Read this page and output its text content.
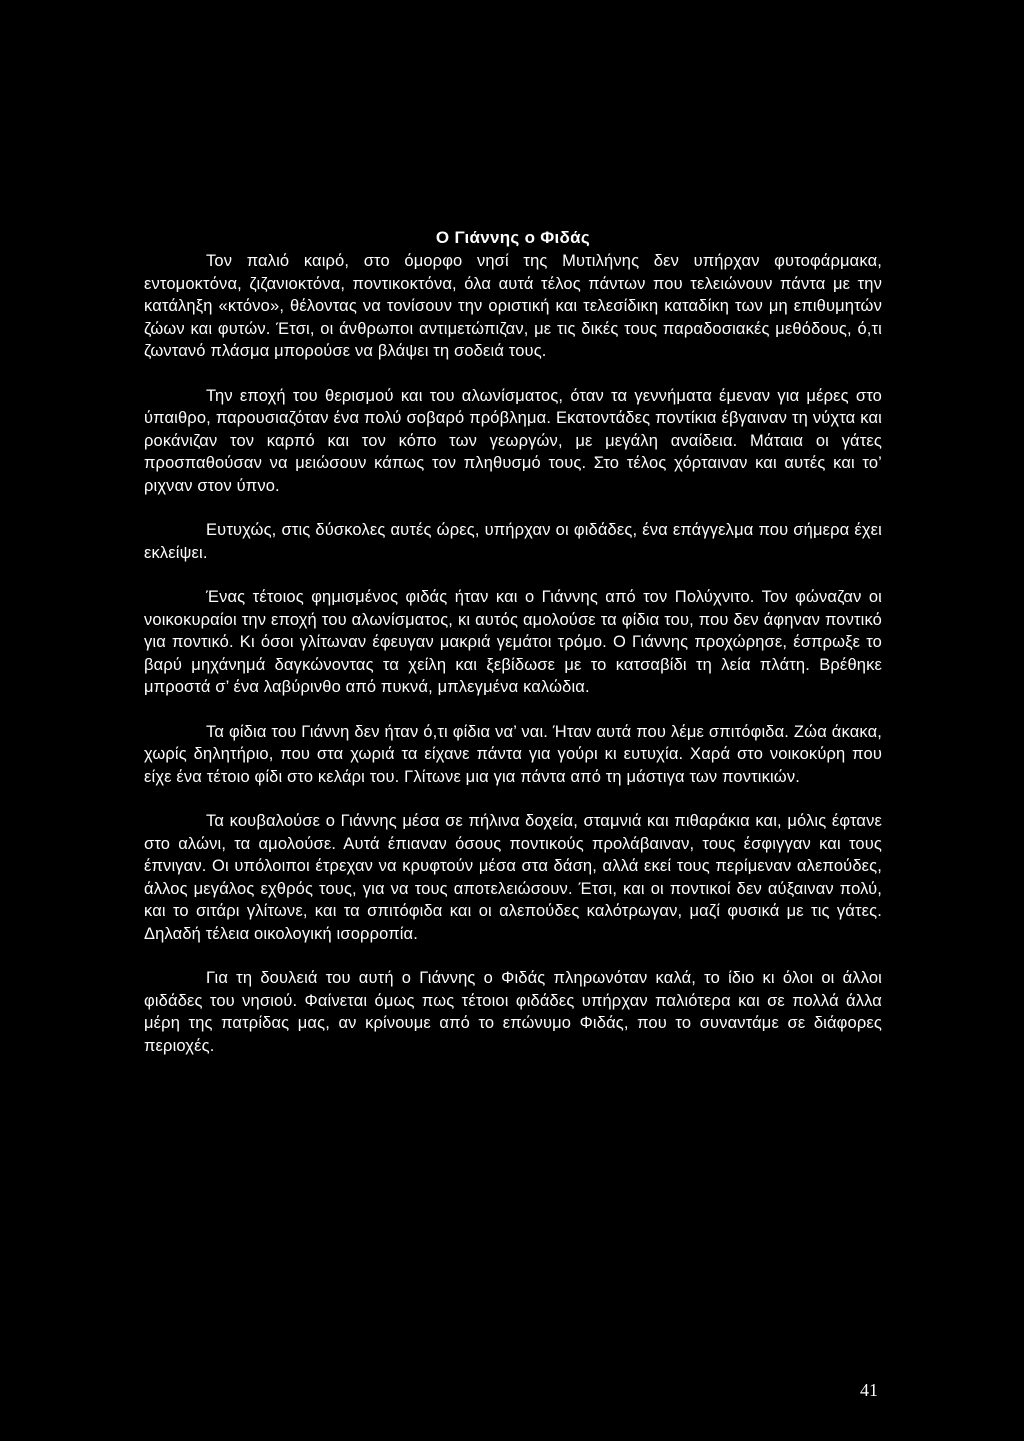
Ο Γιάννης ο Φιδάς

Τον παλιό καιρό, στο όμορφο νησί της Μυτιλήνης δεν υπήρχαν φυτοφάρμακα, εντομοκτόνα, ζιζανιοκτόνα, ποντικοκτόνα, όλα αυτά τέλος πάντων που τελειώνουν πάντα με την κατάληξη «κτόνο», θέλοντας να τονίσουν την οριστική και τελεσίδικη καταδίκη των μη επιθυμητών ζώων και φυτών. Έτσι, οι άνθρωποι αντιμετώπιζαν, με τις δικές τους παραδοσιακές μεθόδους, ό,τι ζωντανό πλάσμα μπορούσε να βλάψει τη σοδειά τους.

Την εποχή του θερισμού και του αλωνίσματος, όταν τα γεννήματα έμεναν για μέρες στο ύπαιθρο, παρουσιαζόταν ένα πολύ σοβαρό πρόβλημα. Εκατοντάδες ποντίκια έβγαιναν τη νύχτα και ροκάνιζαν τον καρπό και τον κόπο των γεωργών, με μεγάλη αναίδεια. Μάταια οι γάτες προσπαθούσαν να μειώσουν κάπως τον πληθυσμό τους. Στο τέλος χόρταιναν και αυτές και το’ ριχναν στον ύπνο.

Ευτυχώς, στις δύσκολες αυτές ώρες, υπήρχαν οι φιδάδες, ένα επάγγελμα που σήμερα έχει εκλείψει.

Ένας τέτοιος φημισμένος φιδάς ήταν και ο Γιάννης από τον Πολύχνιτο. Τον φώναζαν οι νοικοκυραίοι την εποχή του αλωνίσματος, κι αυτός αμολούσε τα φίδια του, που δεν άφηναν ποντικό για ποντικό. Κι όσοι γλίτωναν έφευγαν μακριά γεμάτοι τρόμο. Ο Γιάννης προχώρησε, έσπρωξε το βαρύ μηχάνημά δαγκώνοντας τα χείλη και ξεβίδωσε με το κατσαβίδι τη λεία πλάτη. Βρέθηκε μπροστά σ’ ένα λαβύρινθο από πυκνά, μπλεγμένα καλώδια.

Τα φίδια του Γιάννη δεν ήταν ό,τι φίδια να’ ναι. Ήταν αυτά που λέμε σπιτόφιδα. Ζώα άκακα, χωρίς δηλητήριο, που στα χωριά τα είχανε πάντα για γούρι κι ευτυχία. Χαρά στο νοικοκύρη που είχε ένα τέτοιο φίδι στο κελάρι του. Γλίτωνε μια για πάντα από τη μάστιγα των ποντικιών.

Τα κουβαλούσε ο Γιάννης μέσα σε πήλινα δοχεία, σταμνιά και πιθαράκια και, μόλις έφτανε στο αλώνι, τα αμολούσε. Αυτά έπιαναν όσους ποντικούς προλάβαιναν, τους έσφιγγαν και τους έπνιγαν. Οι υπόλοιποι έτρεχαν να κρυφτούν μέσα στα δάση, αλλά εκεί τους περίμεναν αλεπούδες, άλλος μεγάλος εχθρός τους, για να τους αποτελειώσουν. Έτσι, και οι ποντικοί δεν αύξαιναν πολύ, και το σιτάρι γλίτωνε, και τα σπιτόφιδα και οι αλεπούδες καλότρωγαν, μαζί φυσικά με τις γάτες. Δηλαδή τέλεια οικολογική ισορροπία.

Για τη δουλειά του αυτή ο Γιάννης ο Φιδάς πληρωνόταν καλά, το ίδιο κι όλοι οι άλλοι φιδάδες του νησιού. Φαίνεται όμως πως τέτοιοι φιδάδες υπήρχαν παλιότερα και σε πολλά άλλα μέρη της πατρίδας μας, αν κρίνουμε από το επώνυμο Φιδάς, που το συναντάμε σε διάφορες περιοχές.

41
